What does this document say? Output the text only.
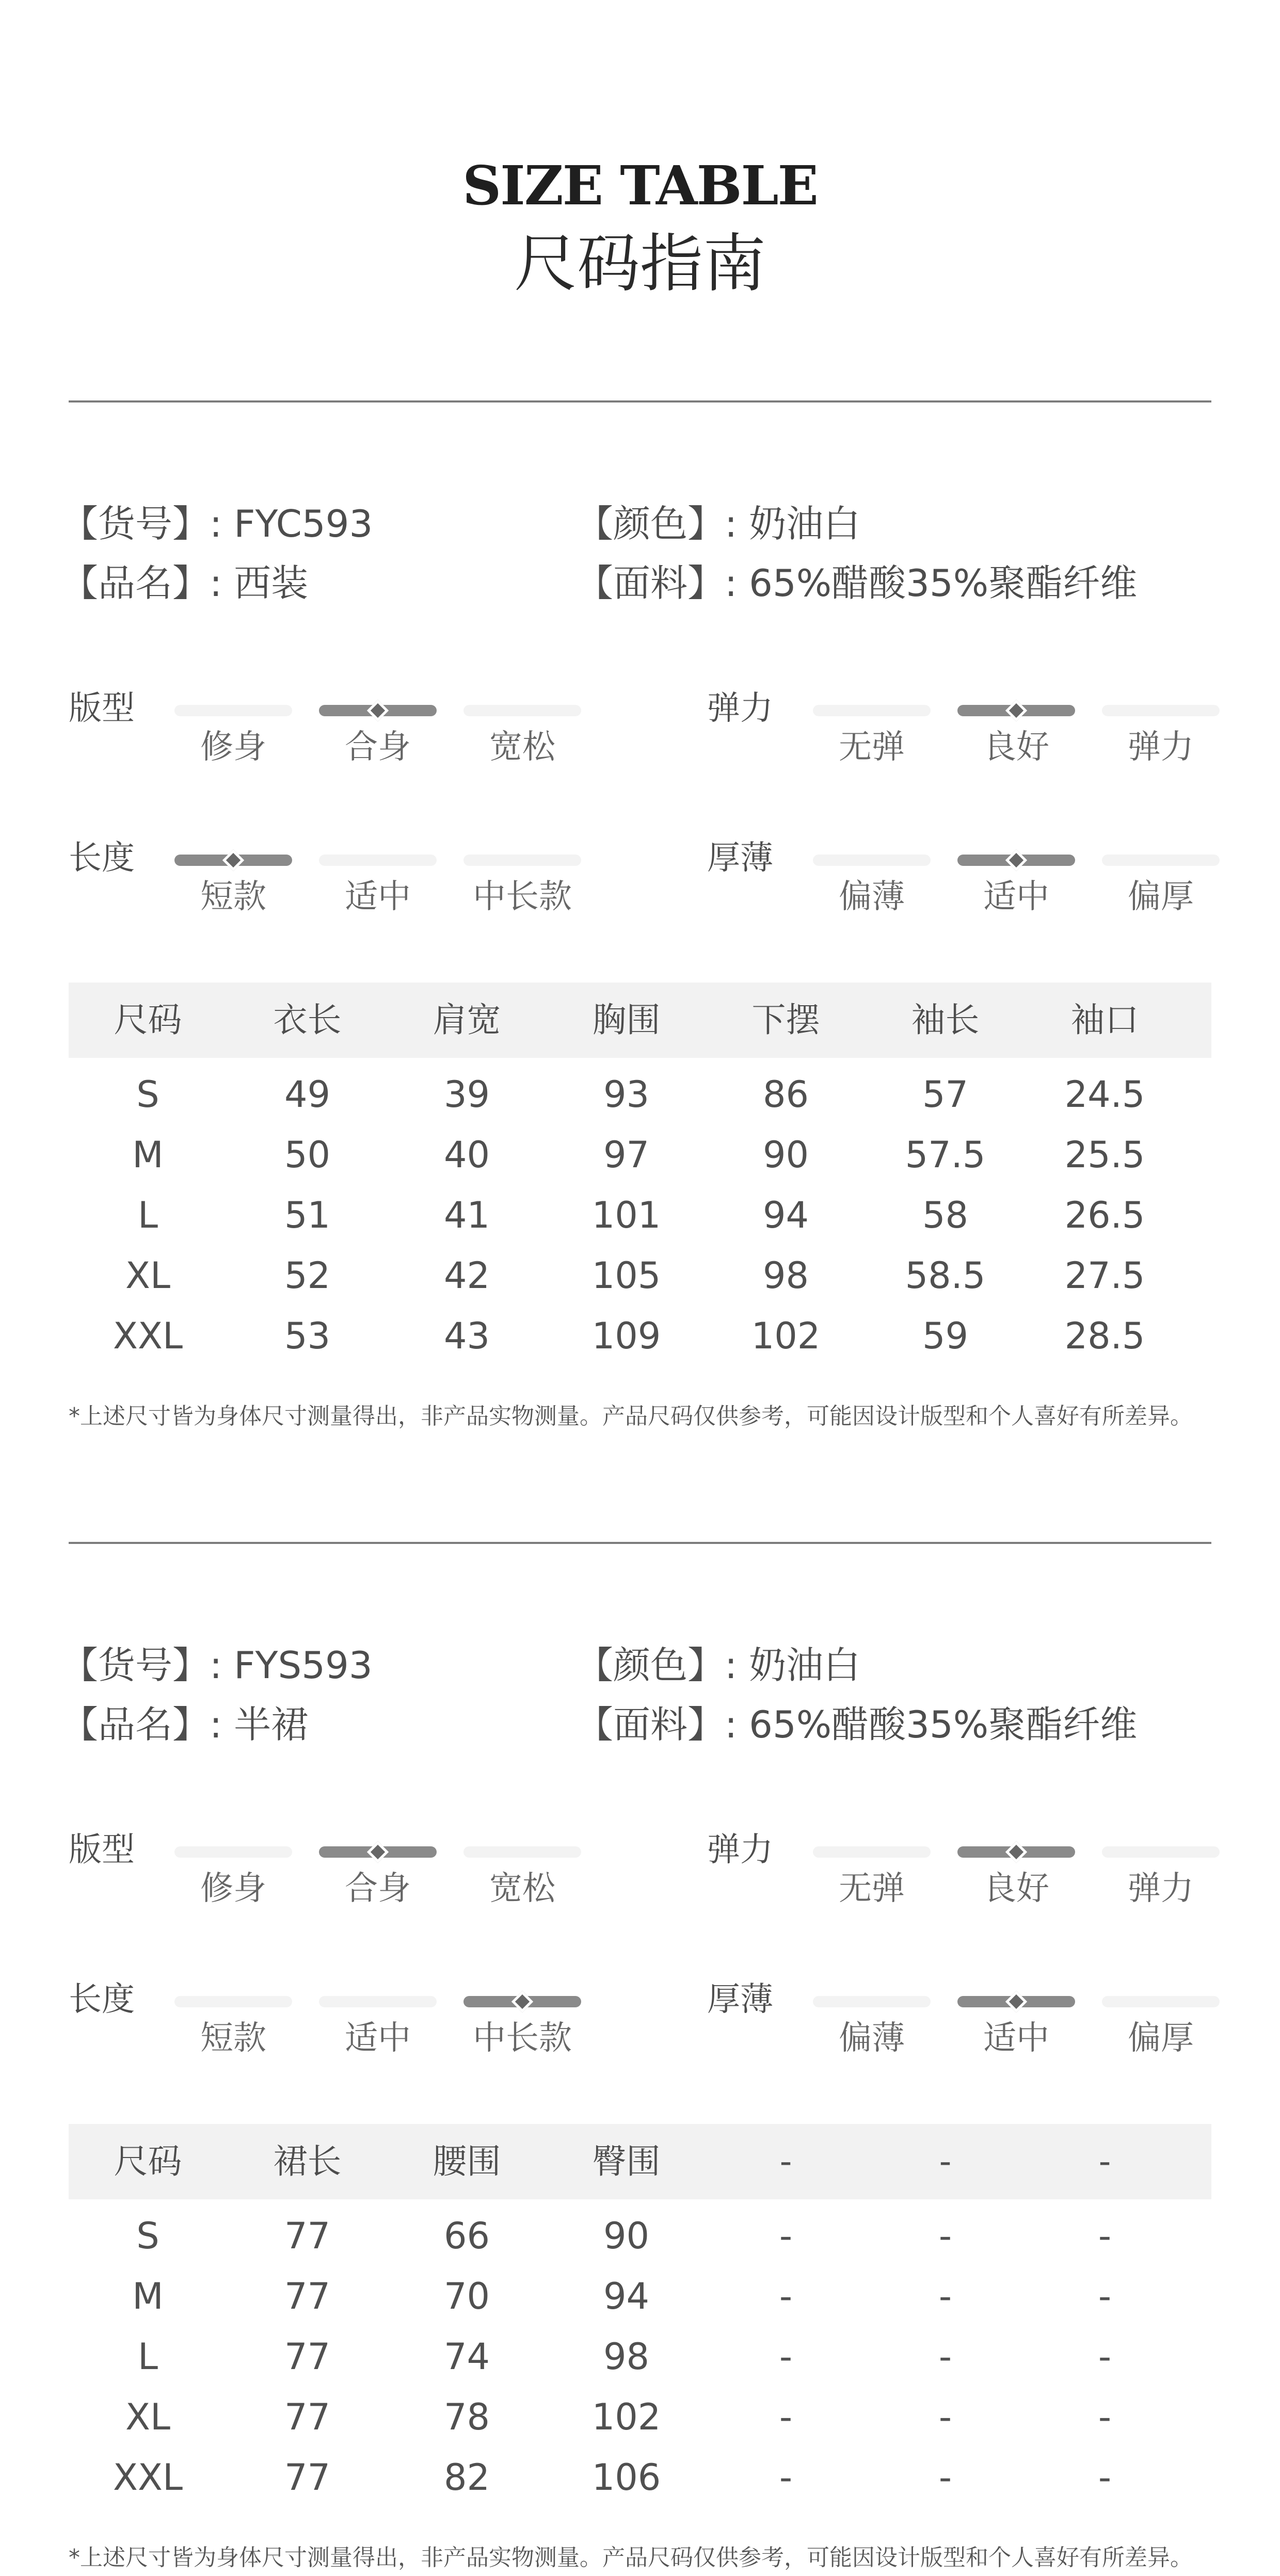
SIZE TABLE
尺码指南
【货号】: FYC593	【颜色】: 奶油白
【品名】: 西装	【面料】: 65%醋酸35%聚酯纤维
版型
修身	合身	宽松
弹力
无弹	良好	弹力
长度
短款	适中	中长款
厚薄
偏薄	适中	偏厚
尺码	衣长	肩宽	胸围	下摆	袖长	袖口
S	49	39	93	86	57	24.5
M	50	40	97	90	57.5	25.5
L	51	41	101	94	58	26.5
XL	52	42	105	98	58.5	27.5
XXL	53	43	109	102	59	28.5
*上述尺寸皆为身体尺寸测量得出，非产品实物测量。产品尺码仅供参考，可能因设计版型和个人喜好有所差异。
【货号】: FYS593	【颜色】: 奶油白
【品名】: 半裙	【面料】: 65%醋酸35%聚酯纤维
版型
修身	合身	宽松
弹力
无弹	良好	弹力
长度
短款	适中	中长款
厚薄
偏薄	适中	偏厚
尺码	裙长	腰围	臀围	-	-	-
S	77	66	90	-	-	-
M	77	70	94	-	-	-
L	77	74	98	-	-	-
XL	77	78	102	-	-	-
XXL	77	82	106	-	-	-
*上述尺寸皆为身体尺寸测量得出，非产品实物测量。产品尺码仅供参考，可能因设计版型和个人喜好有所差异。
